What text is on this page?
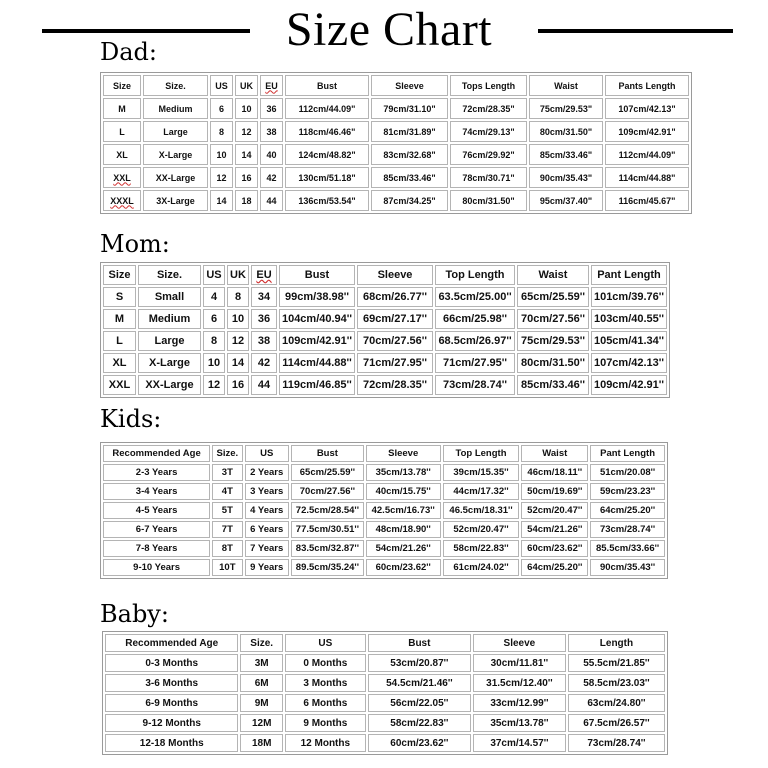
Size Chart
Dad:
Size	Size.	US	UK	EU	Bust	Sleeve	Tops Length	Waist	Pants Length
M	Medium	6	10	36	112cm/44.09"	79cm/31.10"	72cm/28.35"	75cm/29.53"	107cm/42.13"
L	Large	8	12	38	118cm/46.46"	81cm/31.89"	74cm/29.13"	80cm/31.50"	109cm/42.91"
XL	X-Large	10	14	40	124cm/48.82"	83cm/32.68"	76cm/29.92"	85cm/33.46"	112cm/44.09"
XXL	XX-Large	12	16	42	130cm/51.18"	85cm/33.46"	78cm/30.71"	90cm/35.43"	114cm/44.88"
XXXL	3X-Large	14	18	44	136cm/53.54"	87cm/34.25"	80cm/31.50"	95cm/37.40"	116cm/45.67"
Mom:
Size	Size.	US	UK	EU	Bust	Sleeve	Top Length	Waist	Pant Length
S	Small	4	8	34	99cm/38.98''	68cm/26.77''	63.5cm/25.00''	65cm/25.59''	101cm/39.76''
M	Medium	6	10	36	104cm/40.94''	69cm/27.17''	66cm/25.98''	70cm/27.56''	103cm/40.55''
L	Large	8	12	38	109cm/42.91''	70cm/27.56''	68.5cm/26.97''	75cm/29.53''	105cm/41.34''
XL	X-Large	10	14	42	114cm/44.88''	71cm/27.95''	71cm/27.95''	80cm/31.50''	107cm/42.13''
XXL	XX-Large	12	16	44	119cm/46.85''	72cm/28.35''	73cm/28.74''	85cm/33.46''	109cm/42.91''
Kids:
Recommended Age	Size.	US	Bust	Sleeve	Top Length	Waist	Pant Length
2-3 Years	3T	2 Years	65cm/25.59''	35cm/13.78''	39cm/15.35''	46cm/18.11''	51cm/20.08''
3-4 Years	4T	3 Years	70cm/27.56''	40cm/15.75''	44cm/17.32''	50cm/19.69''	59cm/23.23''
4-5 Years	5T	4 Years	72.5cm/28.54''	42.5cm/16.73''	46.5cm/18.31''	52cm/20.47''	64cm/25.20''
6-7 Years	7T	6 Years	77.5cm/30.51''	48cm/18.90''	52cm/20.47''	54cm/21.26''	73cm/28.74''
7-8 Years	8T	7 Years	83.5cm/32.87''	54cm/21.26''	58cm/22.83''	60cm/23.62''	85.5cm/33.66''
9-10 Years	10T	9 Years	89.5cm/35.24''	60cm/23.62''	61cm/24.02''	64cm/25.20''	90cm/35.43''
Baby:
Recommended Age	Size.	US	Bust	Sleeve	Length
0-3 Months	3M	0 Months	53cm/20.87''	30cm/11.81''	55.5cm/21.85''
3-6 Months	6M	3 Months	54.5cm/21.46''	31.5cm/12.40''	58.5cm/23.03''
6-9 Months	9M	6 Months	56cm/22.05''	33cm/12.99''	63cm/24.80''
9-12 Months	12M	9 Months	58cm/22.83''	35cm/13.78''	67.5cm/26.57''
12-18 Months	18M	12 Months	60cm/23.62''	37cm/14.57''	73cm/28.74''
